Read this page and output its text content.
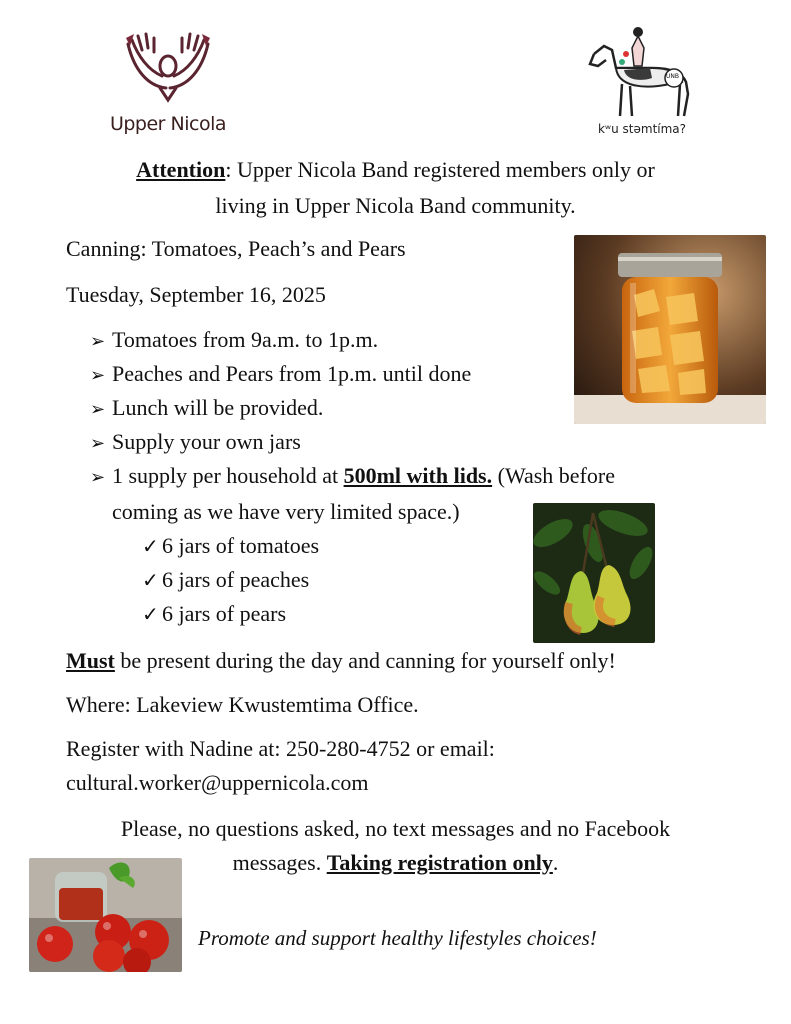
Upper Nicola
UNB
kʷu stəmtíma?
Attention: Upper Nicola Band registered members only or
living in Upper Nicola Band community.
Canning: Tomatoes, Peach’s and Pears
Tuesday, September 16, 2025
➢ Tomatoes from 9a.m. to 1p.m.
➢ Peaches and Pears from 1p.m. until done
➢ Lunch will be provided.
➢ Supply your own jars
➢ 1 supply per household at 500ml with lids. (Wash before
coming as we have very limited space.)
✓ 6 jars of tomatoes
✓ 6 jars of peaches
✓ 6 jars of pears
Must be present during the day and canning for yourself only!
Where: Lakeview Kwustemtima Office.
Register with Nadine at: 250-280-4752 or email:
cultural.worker@uppernicola.com
Please, no questions asked, no text messages and no Facebook
messages. Taking registration only.
Promote and support healthy lifestyles choices!
